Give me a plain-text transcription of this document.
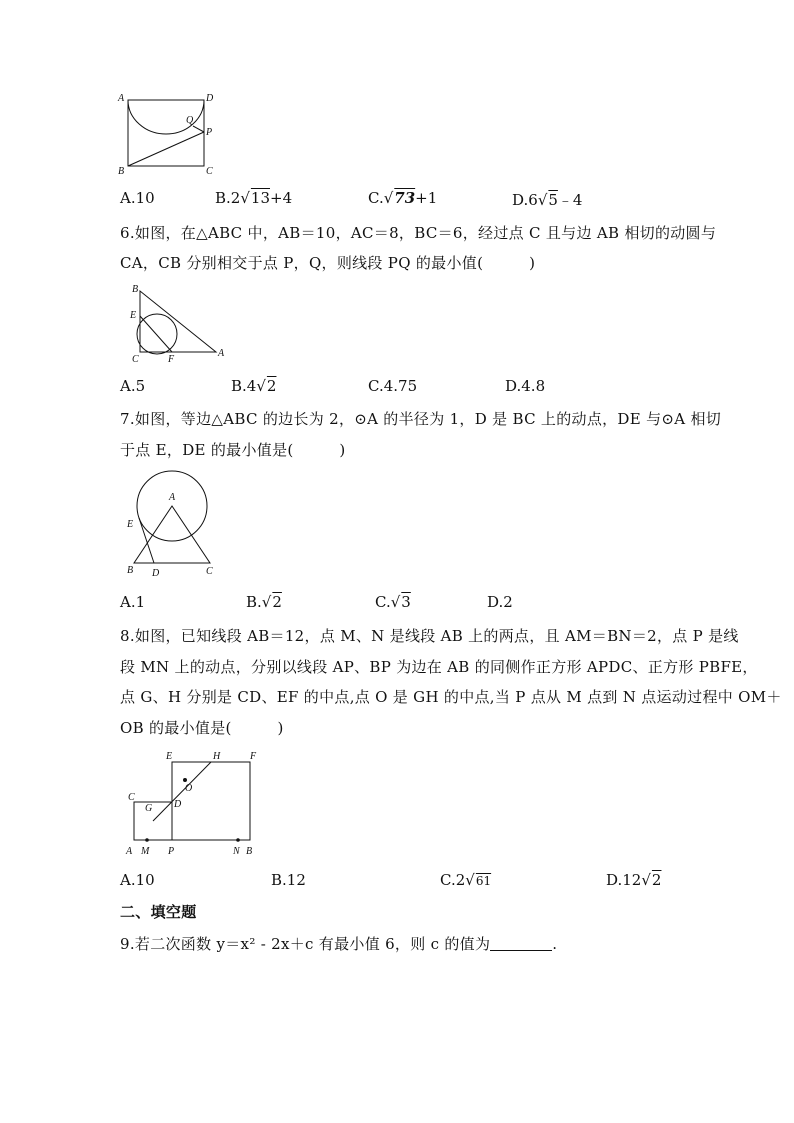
A	D
Q
P
B	C
A.10	B.2√13+4	C.√73+1	D.6√5﹣4
6.如图，在△ABC 中，AB＝10，AC＝8，BC＝6，经过点 C 且与边 AB 相切的动圆与
CA，CB 分别相交于点 P，Q，则线段 PQ 的最小值(　　　)
B
E
C	F
A
A.5	B.4√2	C.4.75	D.4.8
7.如图，等边△ABC 的边长为 2，⊙A 的半径为 1，D 是 BC 上的动点，DE 与⊙A 相切
于点 E，DE 的最小值是(　　　)
A
E
B D	C
A.1	B.√2	C.√3	D.2
8.如图，已知线段 AB＝12，点 M、N 是线段 AB 上的两点，且 AM＝BN＝2，点 P 是线
段 MN 上的动点，分别以线段 AP、BP 为边在 AB 的同侧作正方形 APDC、正方形 PBFE，
点 G、H 分别是 CD、EF 的中点,点 O 是 GH 的中点,当 P 点从 M 点到 N 点运动过程中 OM＋
OB 的最小值是(　　　)
E	H	F
O
C
G D
A M P	N B
A.10	B.12	C.2√61	D.12√2
二、填空题
9.若二次函数 y＝x² - 2x＋c 有最小值 6，则 c 的值为	.
